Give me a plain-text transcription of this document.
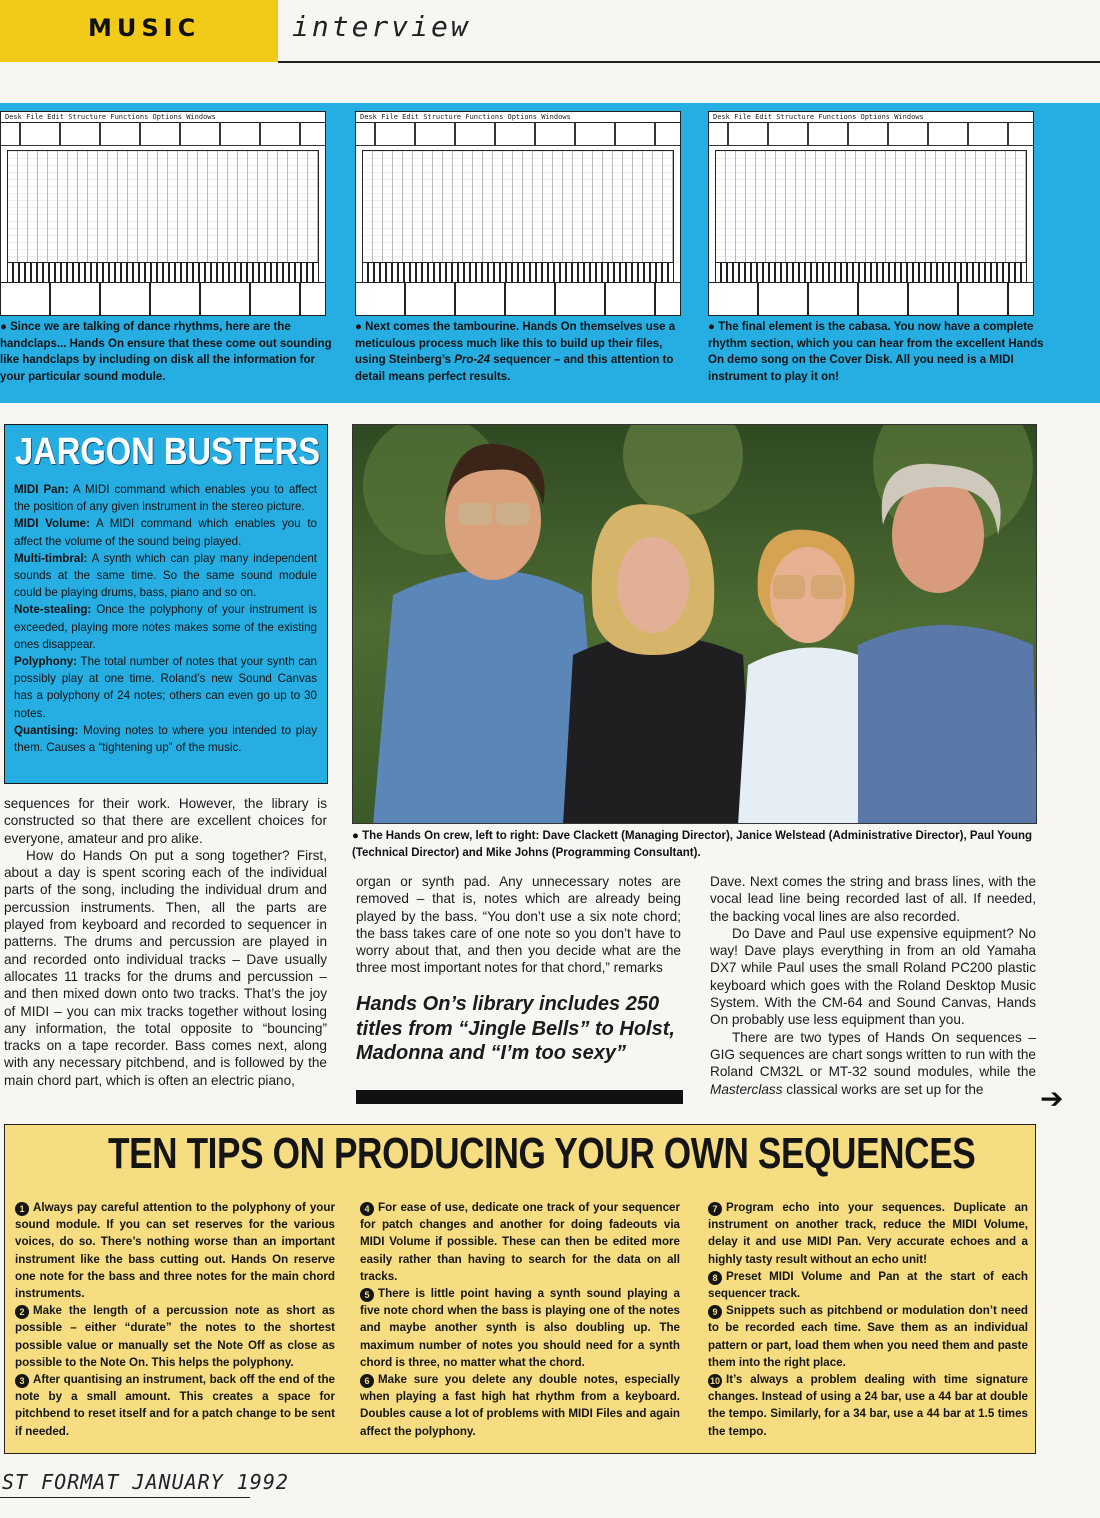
MUSIC	interview
Desk File Edit Structure Functions Options Windows	Desk File Edit Structure Functions Options Windows	Desk File Edit Structure Functions Options Windows
● Since we are talking of dance rhythms, here are the handclaps... Hands On ensure that these come out sounding like handclaps by including on disk all the information for your particular sound module.
● Next comes the tambourine. Hands On themselves use a meticulous process much like this to build up their files, using Steinberg’s Pro-24 sequencer – and this attention to detail means perfect results.
● The final element is the cabasa. You now have a complete rhythm section, which you can hear from the excellent Hands On demo song on the Cover Disk. All you need is a MIDI instrument to play it on!
JARGON BUSTERS

MIDI Pan: A MIDI command which enables you to affect the position of any given instrument in the stereo picture.

MIDI Volume: A MIDI command which enables you to affect the volume of the sound being played.

Multi-timbral: A synth which can play many independent sounds at the same time. So the same sound module could be playing drums, bass, piano and so on.

Note-stealing: Once the polyphony of your instrument is exceeded, playing more notes makes some of the existing ones disappear.

Polyphony: The total number of notes that your synth can possibly play at one time. Roland’s new Sound Canvas has a polyphony of 24 notes; others can even go up to 30 notes.

Quantising: Moving notes to where you intended to play them. Causes a “tightening up” of the music.

● The Hands On crew, left to right: Dave Clackett (Managing Director), Janice Welstead (Administrative Director), Paul Young (Technical Director) and Mike Johns (Programming Consultant).

sequences for their work. However, the library is constructed so that there are excellent choices for everyone, amateur and pro alike.

How do Hands On put a song together? First, about a day is spent scoring each of the individual parts of the song, including the individual drum and percussion instruments. Then, all the parts are played from keyboard and recorded to sequencer in patterns. The drums and percussion are played in and recorded onto individual tracks – Dave usually allocates 11 tracks for the drums and percussion – and then mixed down onto two tracks. That’s the joy of MIDI – you can mix tracks together without losing any information, the total opposite to “bouncing” tracks on a tape recorder. Bass comes next, along with any necessary pitchbend, and is followed by the main chord part, which is often an electric piano,

organ or synth pad. Any unnecessary notes are removed – that is, notes which are already being played by the bass. “You don’t use a six note chord; the bass takes care of one note so you don’t have to worry about that, and then you decide what are the three most important notes for that chord,” remarks

Hands On’s library includes 250 titles from “Jingle Bells” to Holst, Madonna and “I’m too sexy”

Dave. Next comes the string and brass lines, with the vocal lead line being recorded last of all. If needed, the backing vocal lines are also recorded.

Do Dave and Paul use expensive equipment? No way! Dave plays everything in from an old Yamaha DX7 while Paul uses the small Roland PC200 plastic keyboard which goes with the Roland Desktop Music System. With the CM-64 and Sound Canvas, Hands On probably use less equipment than you.

There are two types of Hands On sequences – GIG sequences are chart songs written to run with the Roland CM32L or MT-32 sound modules, while the Masterclass classical works are set up for the	➔
TEN TIPS ON PRODUCING YOUR OWN SEQUENCES

1 Always pay careful attention to the polyphony of your sound module. If you can set reserves for the various voices, do so. There’s nothing worse than an important instrument like the bass cutting out. Hands On reserve one note for the bass and three notes for the main chord instruments.

2 Make the length of a percussion note as short as possible – either “durate” the notes to the shortest possible value or manually set the Note Off as close as possible to the Note On. This helps the polyphony.

3 After quantising an instrument, back off the end of the note by a small amount. This creates a space for pitchbend to reset itself and for a patch change to be sent if needed.

4 For ease of use, dedicate one track of your sequencer for patch changes and another for doing fadeouts via MIDI Volume if possible. These can then be edited more easily rather than having to search for the data on all tracks.

5 There is little point having a synth sound playing a five note chord when the bass is playing one of the notes and maybe another synth is also doubling up. The maximum number of notes you should need for a synth chord is three, no matter what the chord.

6 Make sure you delete any double notes, especially when playing a fast high hat rhythm from a keyboard. Doubles cause a lot of problems with MIDI Files and again affect the polyphony.

7 Program echo into your sequences. Duplicate an instrument on another track, reduce the MIDI Volume, delay it and use MIDI Pan. Very accurate echoes and a highly tasty result without an echo unit!

8 Preset MIDI Volume and Pan at the start of each sequencer track.

9 Snippets such as pitchbend or modulation don’t need to be recorded each time. Save them as an individual pattern or part, load them when you need them and paste them into the right place.

10 It’s always a problem dealing with time signature changes. Instead of using a 24 bar, use a 44 bar at double the tempo. Similarly, for a 34 bar, use a 44 bar at 1.5 times the tempo.

ST FORMAT JANUARY 1992
